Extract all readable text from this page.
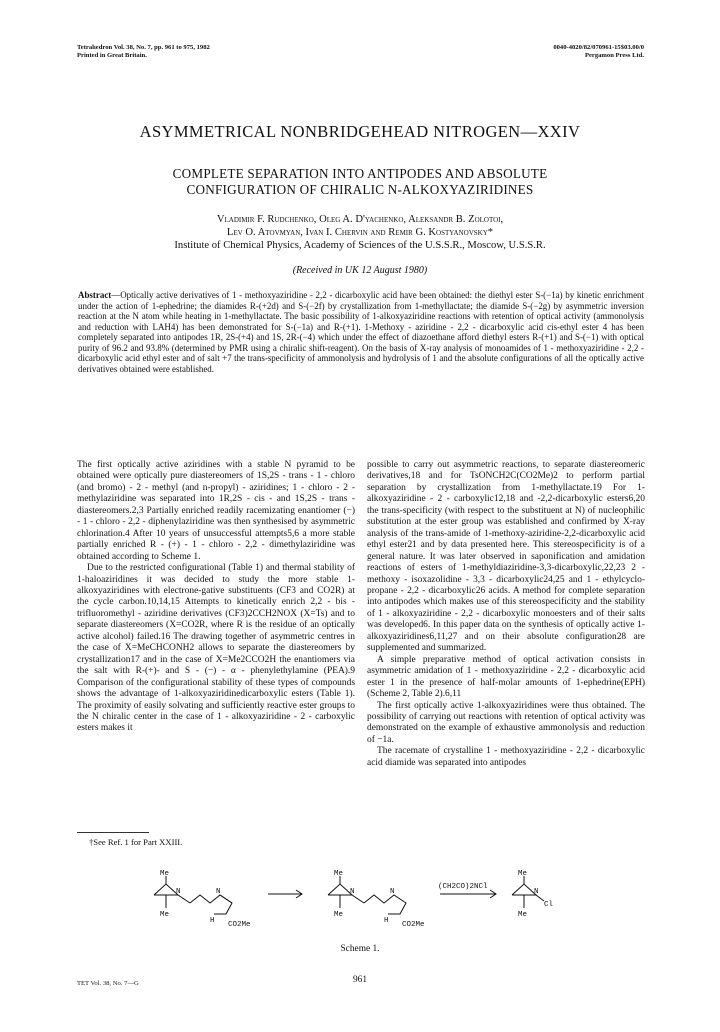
Tetrahedron Vol. 38, No. 7, pp. 961 to 975, 1982
Printed in Great Britain.
0040-4020/82/070961-15$03.00/0
Pergamon Press Ltd.
ASYMMETRICAL NONBRIDGEHEAD NITROGEN—XXIV
COMPLETE SEPARATION INTO ANTIPODES AND ABSOLUTE CONFIGURATION OF CHIRALIC N-ALKOXYAZIRIDINES
Vladimir F. Rudchenko, Oleg A. D'yachenko, Aleksandr B. Zolotoi,
Lev O. Atovmyan, Ivan I. Chervin and Remir G. Kostyanovsky*
Institute of Chemical Physics, Academy of Sciences of the U.S.S.R., Moscow, U.S.S.R.
(Received in UK 12 August 1980)
Abstract—Optically active derivatives of 1 - methoxyaziridine - 2,2 - dicarboxylic acid have been obtained: the diethyl ester S-(−1a) by kinetic enrichment under the action of 1-ephedrine; the diamides R-(+2d) and S-(−2f) by crystallization from 1-methyllactate; the diamide S-(−2g) by asymmetric inversion reaction at the N atom while heating in 1-methyllactate. The basic possibility of 1-alkoxyaziridine reactions with retention of optical activity (ammonolysis and reduction with LAH4) has been demonstrated for S-(−1a) and R-(+1). 1-Methoxy - aziridine - 2,2 - dicarboxylic acid cis-ethyl ester 4 has been completely separated into antipodes 1R, 2S-(+4) and 1S, 2R-(−4) which under the effect of diazoethane afford diethyl esters R-(+1) and S-(−1) with optical purity of 96.2 and 93.8% (determined by PMR using a chiralic shift-reagent). On the basis of X-ray analysis of monoamides of 1 - methoxyaziridine - 2,2 - dicarboxylic acid ethyl ester and of salt +7 the trans-specificity of ammonolysis and hydrolysis of 1 and the absolute configurations of all the optically active derivatives obtained were established.

The first optically active aziridines with a stable N pyramid to be obtained were optically pure diastereomers of 1S,2S - trans - 1 - chloro (and bromo) - 2 - methyl (and n-propyl) - aziridines; 1 - chloro - 2 - methylaziridine was separated into 1R,2S - cis - and 1S,2S - trans - diastereomers.2,3 Partially enriched readily racemizating enantiomer (−) - 1 - chloro - 2,2 - diphenylaziridine was then synthesised by asymmetric chlorination.4 After 10 years of unsuccessful attempts5,6 a more stable partially enriched R - (+) - 1 - chloro - 2,2 - dimethylaziridine was obtained according to Scheme 1.

Due to the restricted configurational (Table 1) and thermal stability of 1-haloaziridines it was decided to study the more stable 1-alkoxyaziridines with electrone-gative substituents (CF3 and CO2R) at the cycle carbon.10,14,15 Attempts to kinetically enrich 2,2 - bis - trifluoromethyl - aziridine derivatives (CF3)2CCH2NOX (X=Ts) and to separate diastereomers (X=CO2R, where R is the residue of an optically active alcohol) failed.16 The drawing together of asymmetric centres in the case of X=MeCHCONH2 allows to separate the diastereomers by crystallization17 and in the case of X=Me2CCO2H the enantiomers via the salt with R-(+)- and S - (−) - α - phenylethylamine (PEA).9 Comparison of the configurational stability of these types of compounds shows the advantage of 1-alkoxyaziridinedicarboxylic esters (Table 1). The proximity of easily solvating and sufficiently reactive ester groups to the N chiralic center in the case of 1 - alkoxyaziridine - 2 - carboxylic esters makes it

possible to carry out asymmetric reactions, to separate diastereomeric derivatives,18 and for TsONCH2C(CO2Me)2 to perform partial separation by crystallization from 1-methyllactate.19 For 1-alkoxyaziridine - 2 - carboxylic12,18 and -2,2-dicarboxylic esters6,20 the trans-specificity (with respect to the substituent at N) of nucleophilic substitution at the ester group was established and confirmed by X-ray analysis of the trans-amide of 1-methoxy-aziridine-2,2-dicarboxylic acid ethyl ester21 and by data presented here. This stereospecificity is of a general nature. It was later observed in saponification and amidation reactions of esters of 1-methyldiaziridine-3,3-dicarboxylic,22,23 2 - methoxy - isoxazolidine - 3,3 - dicarboxylic24,25 and 1 - ethylcyclo-propane - 2,2 - dicarboxylic26 acids. A method for complete separation into antipodes which makes use of this stereospecificity and the stability of 1 - alkoxyaziridine - 2,2 - dicarboxylic monoesters and of their salts was developed6. In this paper data on the synthesis of optically active 1-alkoxyaziridines6,11,27 and on their absolute configuration28 are supplemented and summarized.

A simple preparative method of optical activation consists in asymmetric amidation of 1 - methoxyaziridine - 2,2 - dicarboxylic acid ester 1 in the presence of half-molar amounts of 1-ephedrine(EPH) (Scheme 2, Table 2).6,11

The first optically active 1-alkoxyaziridines were thus obtained. The possibility of carrying out reactions with retention of optical activity was demonstrated on the example of exhaustive ammonolysis and reduction of −1a.

The racemate of crystalline 1 - methoxyaziridine - 2,2 - dicarboxylic acid diamide was separated into antipodes

†See Ref. 1 for Part XXIII.
Me
Me
N	N
H CO2Me
Me
Me
N	N
H CO2Me
(CH2CO)2NCl
Me
Me
N
Cl
Scheme 1.
961
TET Vol. 38, No. 7—G
